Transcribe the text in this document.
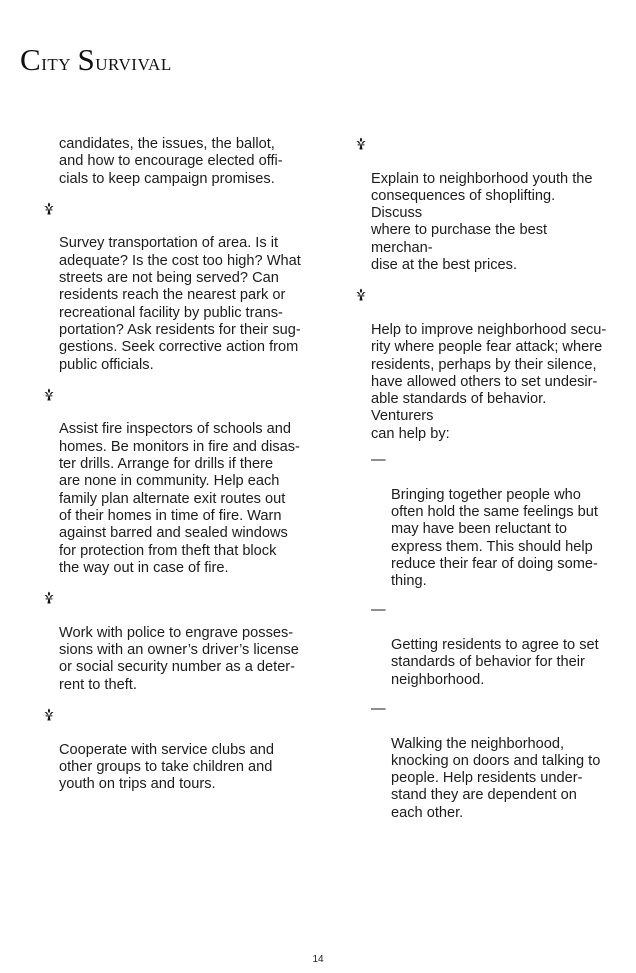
City Survival

candidates, the issues, the ballot,
and how to encourage elected offi-
cials to keep campaign promises.

Survey transportation of area. Is it
adequate? Is the cost too high? What
streets are not being served? Can
residents reach the nearest park or
recreational facility by public trans-
portation? Ask residents for their sug-
gestions. Seek corrective action from
public officials.

Assist fire inspectors of schools and
homes. Be monitors in fire and disas-
ter drills. Arrange for drills if there
are none in community. Help each
family plan alternate exit routes out
of their homes in time of fire. Warn
against barred and sealed windows
for protection from theft that block
the way out in case of fire.

Work with police to engrave posses-
sions with an owner’s driver’s license
or social security number as a deter-
rent to theft.

Cooperate with service clubs and
other groups to take children and
youth on trips and tours.

Explain to neighborhood youth the
consequences of shoplifting. Discuss
where to purchase the best merchan-
dise at the best prices.

Help to improve neighborhood secu-
rity where people fear attack; where
residents, perhaps by their silence,
have allowed others to set undesir-
able standards of behavior. Venturers
can help by:

—

Bringing together people who
often hold the same feelings but
may have been reluctant to
express them. This should help
reduce their fear of doing some-
thing.

—

Getting residents to agree to set
standards of behavior for their
neighborhood.

—

Walking the neighborhood,
knocking on doors and talking to
people. Help residents under-
stand they are dependent on
each other.

14
